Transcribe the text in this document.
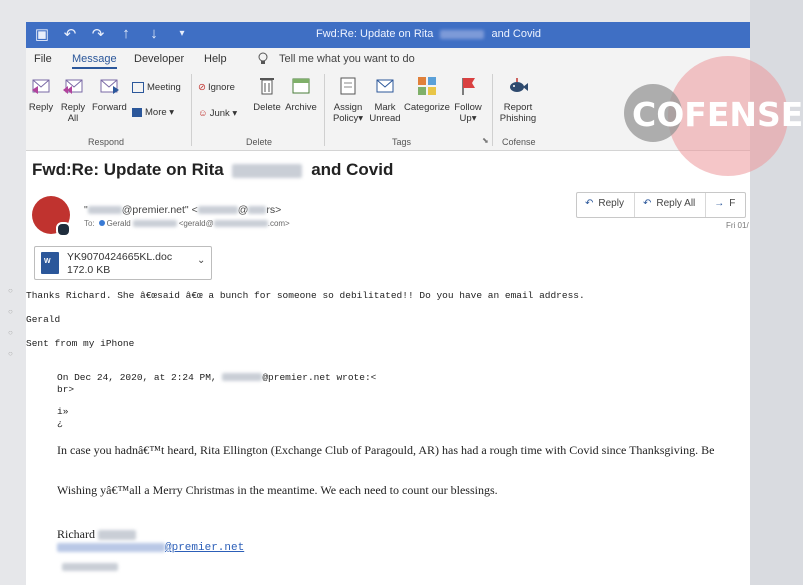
▣ ↶ ↷ ↑ ↓	▾	Fwd:Re: Update on Rita	and Covid
File Message Developer Help	Tell me what you want to do
Reply Reply
All
Forward
Meeting
More ▾
Respond
⊘ Ignore
☺ Junk ▾
Delete Archive
Delete
Assign
Policy▾
Mark
Unread
Categorize Follow
Up▾
Tags	⬊
Report
Phishing
Cofense
COFENSE
Fwd:Re: Update on Rita	and Covid
"	@premier.net" <	@ rs>
To: Gerald	<gerald@	.com>
↶ Reply	↶ Reply All	→ F
Fri 01/
W YK9070424665KL.doc
172.0 KB
⌄
Thanks Richard. She â€œsaid â€œ a bunch for someone so debilitated!! Do you have an email address.
Gerald
Sent from my iPhone
On Dec 24, 2020, at 2:24 PM,	@premier.net wrote:<
br>
i»
¿
In case you hadnâ€™t heard, Rita Ellington (Exchange Club of Paragould, AR) has had a rough time with Covid since Thanksgiving. Be
Wishing yâ€™all a Merry Christmas in the meantime. We each need to count our blessings.
Richard
@premier.net
○
○
○
○
